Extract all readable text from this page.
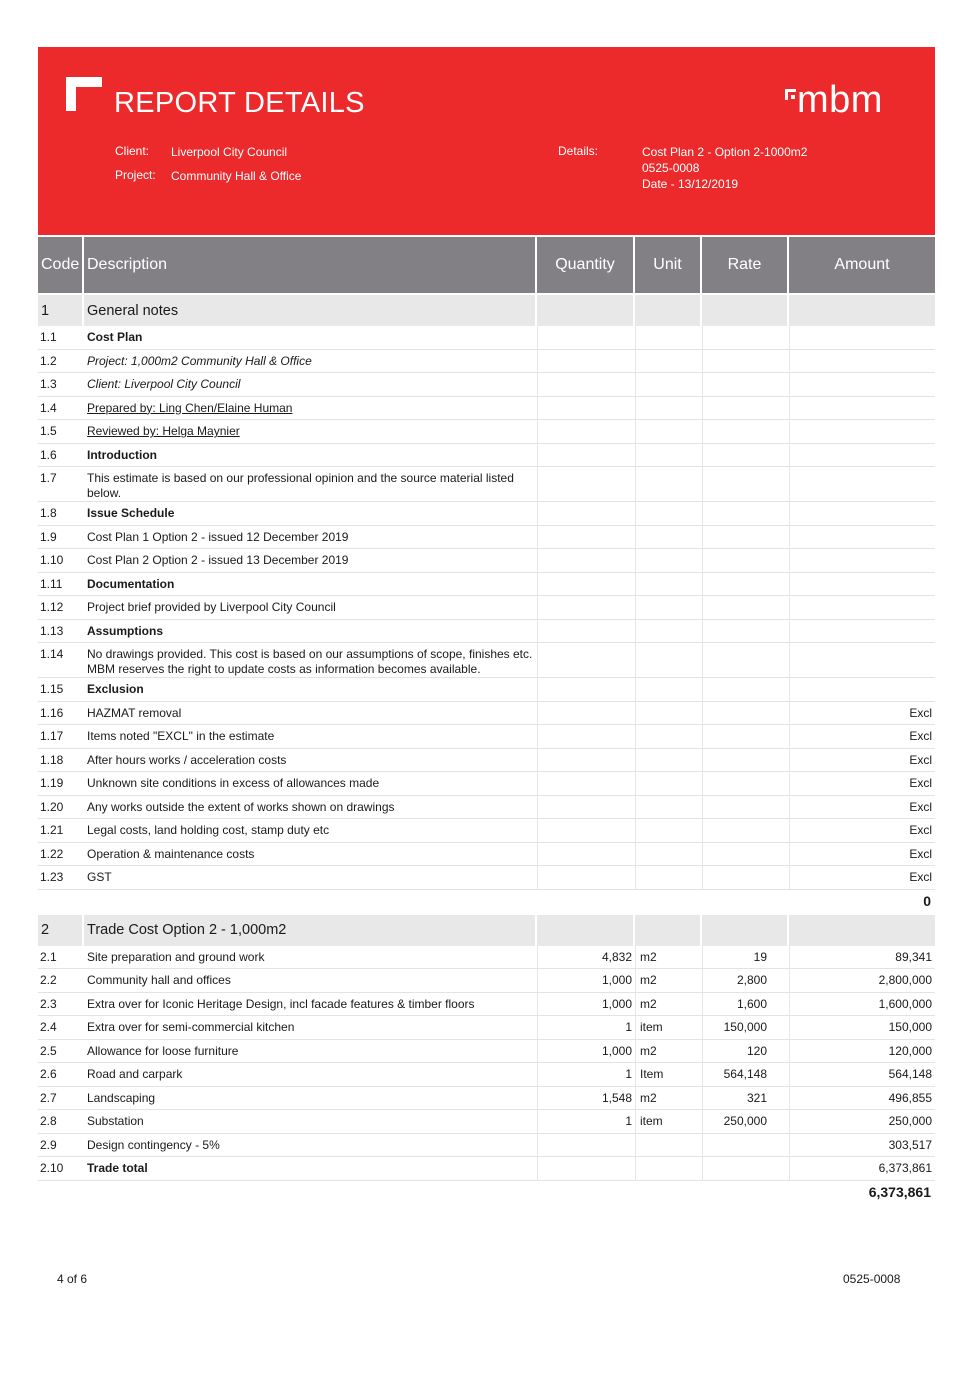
REPORT DETAILS	mbm
Client: Liverpool City Council
Project: Community Hall & Office
Details:	Cost Plan 2 - Option 2-1000m2
0525-0008
Date - 13/12/2019
Code	Description	Quantity	Unit	Rate	Amount
1	General notes				
1.1	Cost Plan				
1.2	Project: 1,000m2 Community Hall & Office				
1.3	Client: Liverpool City Council				
1.4	Prepared by: Ling Chen/Elaine Human				
1.5	Reviewed by: Helga Maynier				
1.6	Introduction				
1.7	This estimate is based on our professional opinion and the source material listed below.				
1.8	Issue Schedule				
1.9	Cost Plan 1 Option 2 - issued 12 December 2019				
1.10	Cost Plan 2 Option 2 - issued 13 December 2019				
1.11	Documentation				
1.12	Project brief provided by Liverpool City Council				
1.13	Assumptions				
1.14	No drawings provided. This cost is based on our assumptions of scope, finishes etc. MBM reserves the right to update costs as information becomes available.				
1.15	Exclusion				
1.16	HAZMAT removal				Excl
1.17	Items noted "EXCL" in the estimate				Excl
1.18	After hours works / acceleration costs				Excl
1.19	Unknown site conditions in excess of allowances made				Excl
1.20	Any works outside the extent of works shown on drawings				Excl
1.21	Legal costs, land holding cost, stamp duty etc				Excl
1.22	Operation & maintenance costs				Excl
1.23	GST				Excl
0					
2	Trade Cost Option 2 - 1,000m2				
2.1	Site preparation and ground work	4,832	m2	19	89,341
2.2	Community hall and offices	1,000	m2	2,800	2,800,000
2.3	Extra over for Iconic Heritage Design, incl facade features & timber floors	1,000	m2	1,600	1,600,000
2.4	Extra over for semi-commercial kitchen	1	item	150,000	150,000
2.5	Allowance for loose furniture	1,000	m2	120	120,000
2.6	Road and carpark	1	Item	564,148	564,148
2.7	Landscaping	1,548	m2	321	496,855
2.8	Substation	1	item	250,000	250,000
2.9	Design contingency - 5%				303,517
2.10	Trade total				6,373,861
6,373,861					
4 of 6	0525-0008
